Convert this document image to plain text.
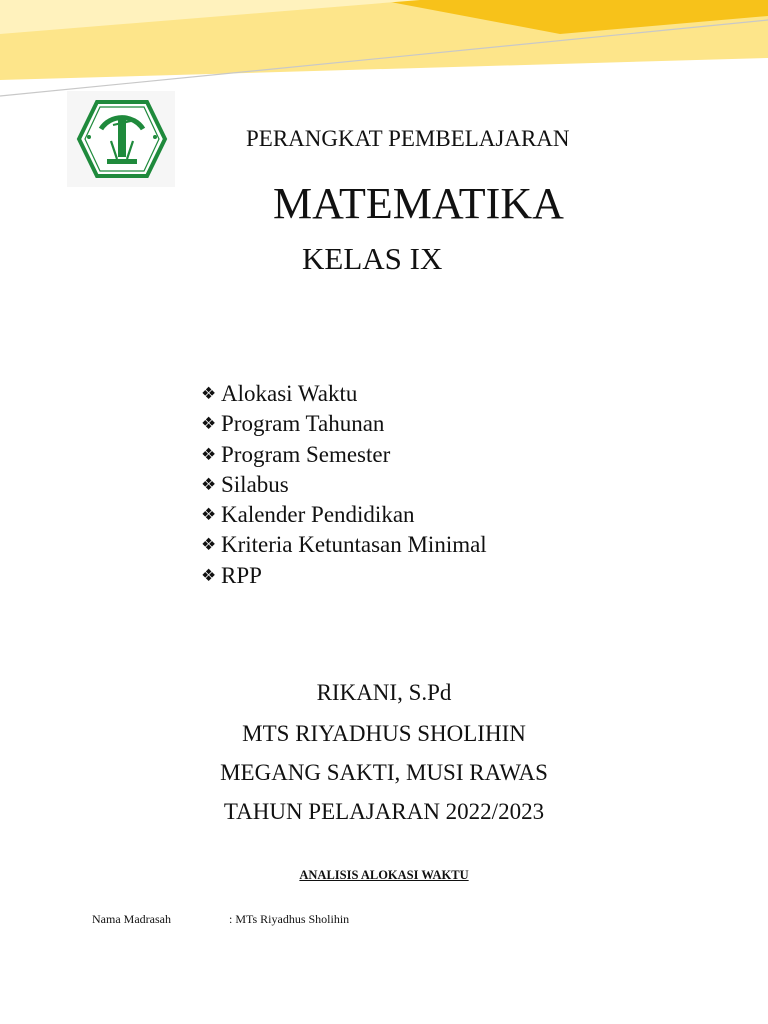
PERANGKAT PEMBELAJARAN
MATEMATIKA
KELAS IX
❖ Alokasi Waktu
❖ Program Tahunan
❖ Program Semester
❖ Silabus
❖ Kalender Pendidikan
❖ Kriteria Ketuntasan Minimal
❖ RPP
RIKANI, S.Pd
MTS RIYADHUS SHOLIHIN
MEGANG SAKTI, MUSI RAWAS
TAHUN PELAJARAN 2022/2023
ANALISIS ALOKASI WAKTU
Nama Madrasah	: MTs Riyadhus Sholihin
